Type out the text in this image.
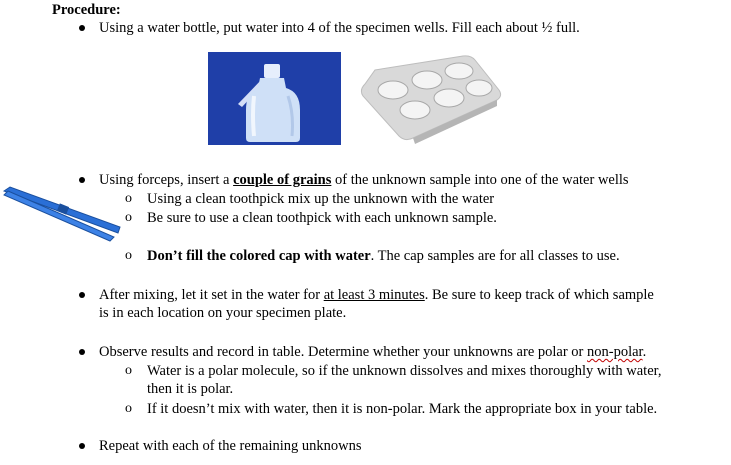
Procedure:
Using a water bottle, put water into 4 of the specimen wells. Fill each about ½ full.
Using forceps, insert a couple of grains of the unknown sample into one of the water wells
o Using a clean toothpick mix up the unknown with the water
o Be sure to use a clean toothpick with each unknown sample.
o Don’t fill the colored cap with water. The cap samples are for all classes to use.
After mixing, let it set in the water for at least 3 minutes. Be sure to keep track of which sample
is in each location on your specimen plate.
Observe results and record in table. Determine whether your unknowns are polar or non-polar.
o Water is a polar molecule, so if the unknown dissolves and mixes thoroughly with water,
then it is polar.
o If it doesn’t mix with water, then it is non-polar. Mark the appropriate box in your table.
Repeat with each of the remaining unknowns
